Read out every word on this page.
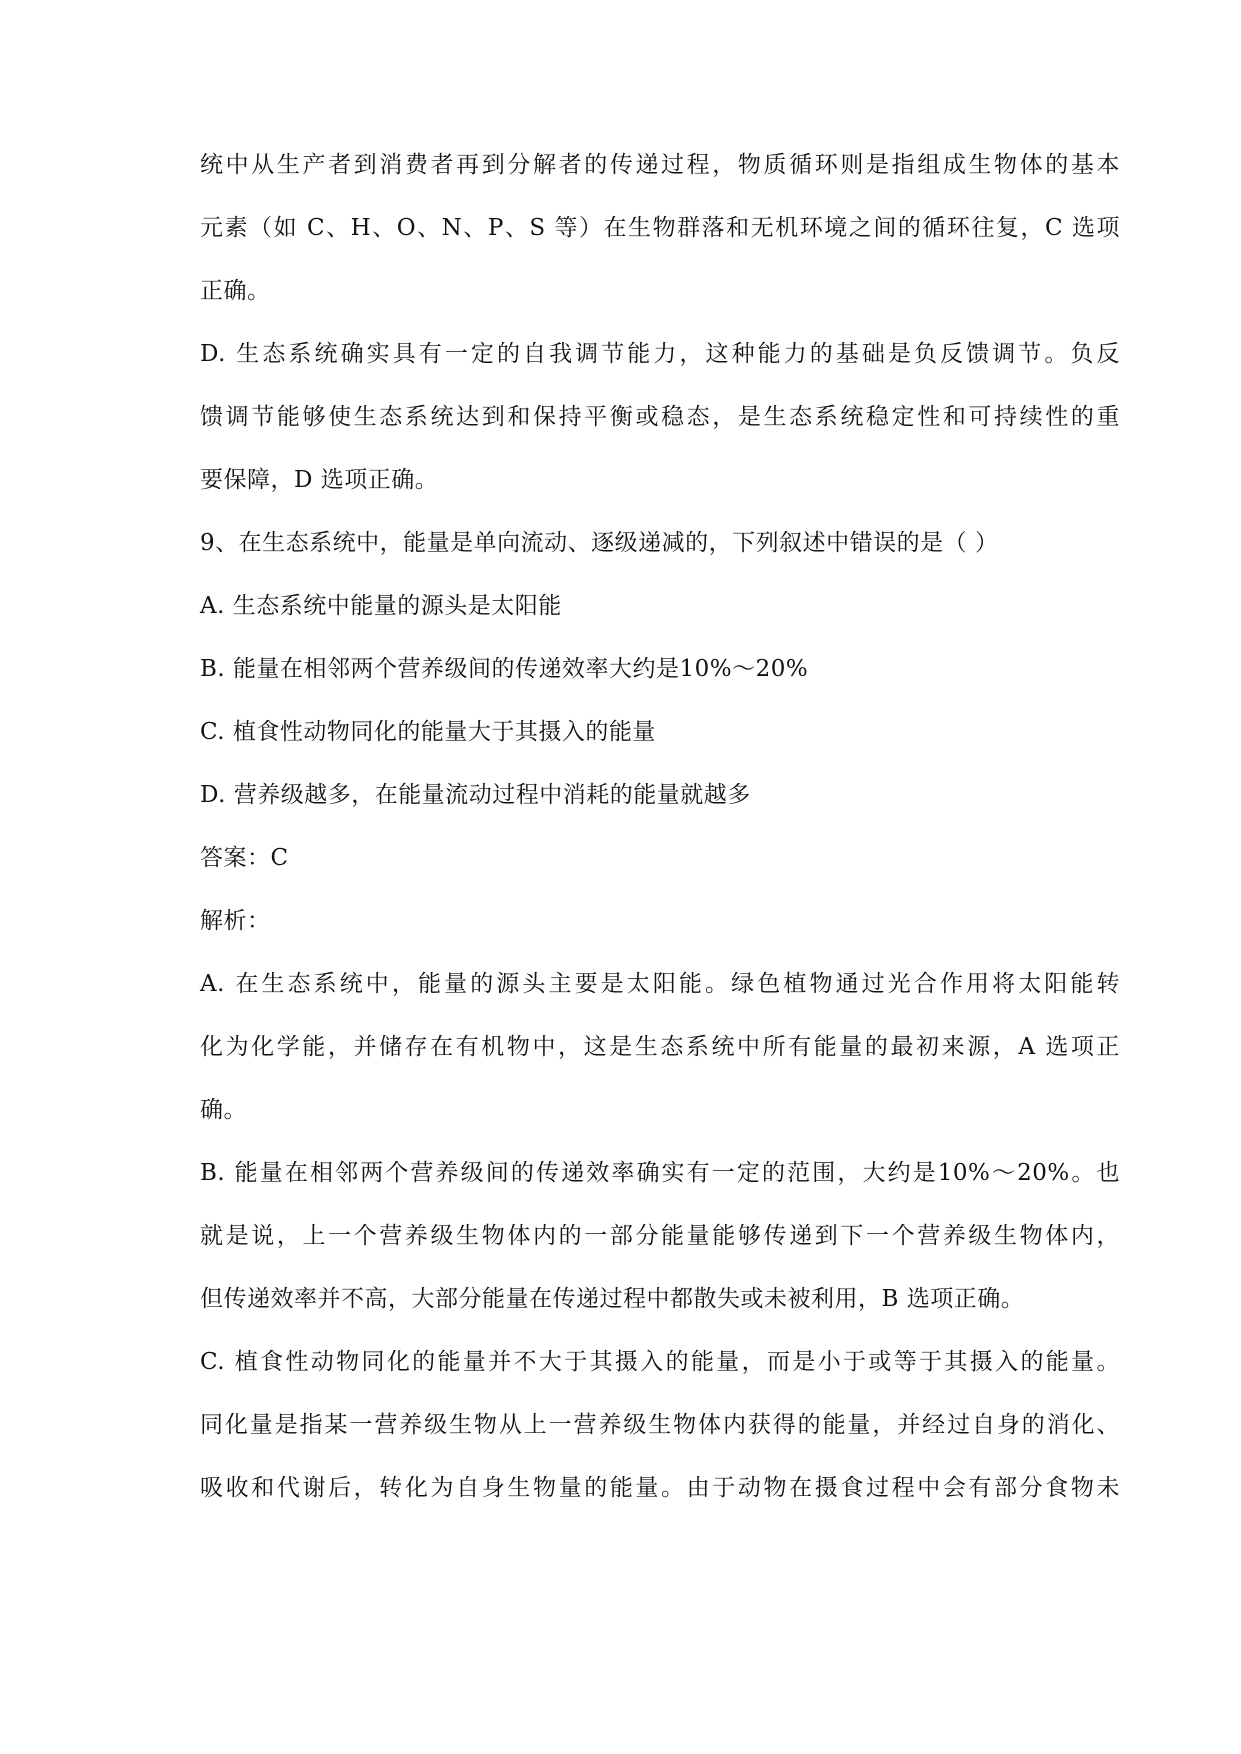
统中从生产者到消费者再到分解者的传递过程，物质循环则是指组成生物体的基本
元素（如 C、H、O、N、P、S 等）在生物群落和无机环境之间的循环往复，C 选项
正确。
D. 生态系统确实具有一定的自我调节能力，这种能力的基础是负反馈调节。负反
馈调节能够使生态系统达到和保持平衡或稳态，是生态系统稳定性和可持续性的重
要保障，D 选项正确。
9、在生态系统中，能量是单向流动、逐级递减的，下列叙述中错误的是（ ）
A. 生态系统中能量的源头是太阳能
B. 能量在相邻两个营养级间的传递效率大约是10%～20%
C. 植食性动物同化的能量大于其摄入的能量
D. 营养级越多，在能量流动过程中消耗的能量就越多
答案：C
解析：
A. 在生态系统中，能量的源头主要是太阳能。绿色植物通过光合作用将太阳能转
化为化学能，并储存在有机物中，这是生态系统中所有能量的最初来源，A 选项正
确。
B. 能量在相邻两个营养级间的传递效率确实有一定的范围，大约是10%～20%。也
就是说，上一个营养级生物体内的一部分能量能够传递到下一个营养级生物体内，
但传递效率并不高，大部分能量在传递过程中都散失或未被利用，B 选项正确。
C. 植食性动物同化的能量并不大于其摄入的能量，而是小于或等于其摄入的能量。
同化量是指某一营养级生物从上一营养级生物体内获得的能量，并经过自身的消化、
吸收和代谢后，转化为自身生物量的能量。由于动物在摄食过程中会有部分食物未
